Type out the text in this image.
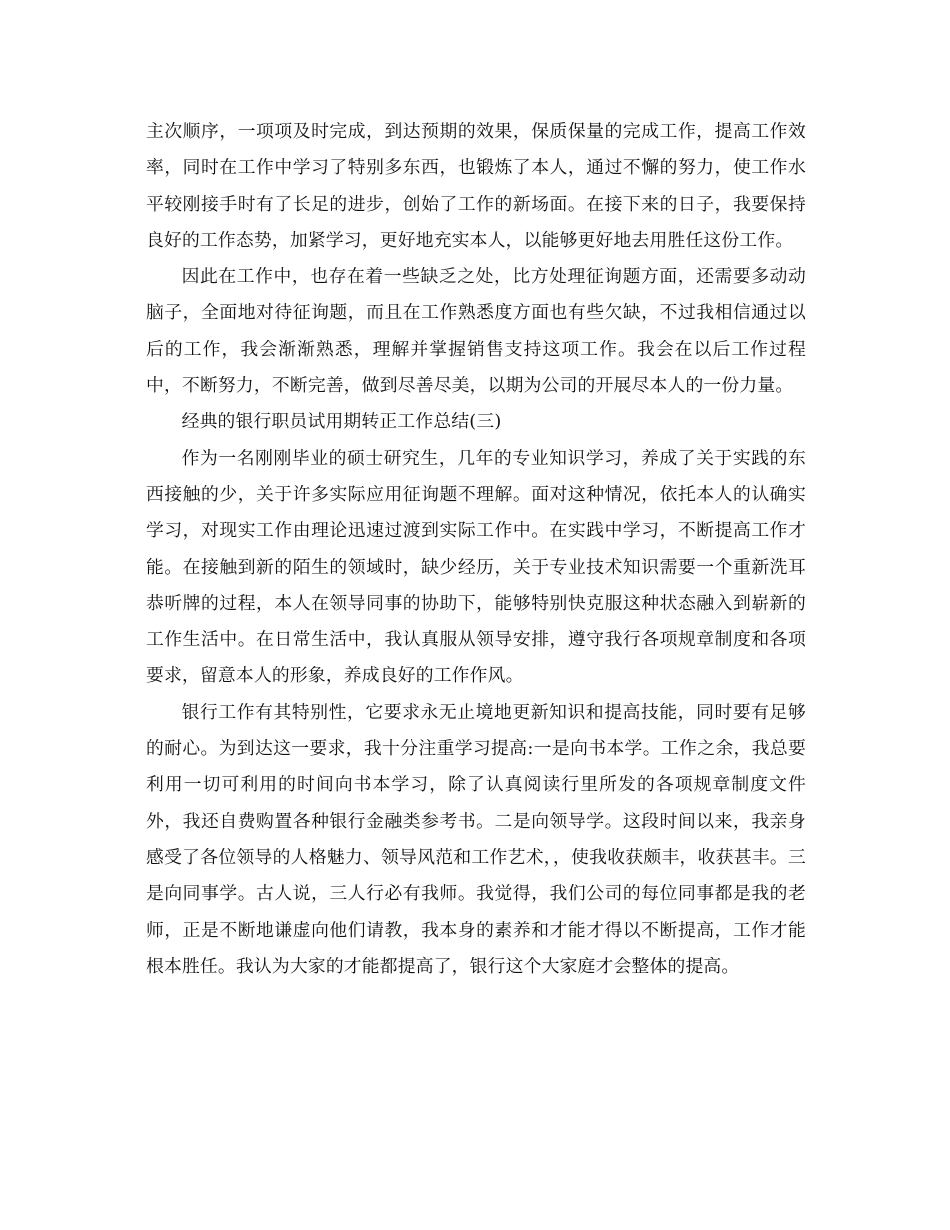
主次顺序，一项项及时完成，到达预期的效果，保质保量的完成工作，提高工作效率，同时在工作中学习了特别多东西，也锻炼了本人，通过不懈的努力，使工作水平较刚接手时有了长足的进步，创始了工作的新场面。在接下来的日子，我要保持良好的工作态势，加紧学习，更好地充实本人，以能够更好地去用胜任这份工作。

因此在工作中，也存在着一些缺乏之处，比方处理征询题方面，还需要多动动脑子，全面地对待征询题，而且在工作熟悉度方面也有些欠缺，不过我相信通过以后的工作，我会渐渐熟悉，理解并掌握销售支持这项工作。我会在以后工作过程中，不断努力，不断完善，做到尽善尽美，以期为公司的开展尽本人的一份力量。

经典的银行职员试用期转正工作总结(三)

作为一名刚刚毕业的硕士研究生，几年的专业知识学习，养成了关于实践的东西接触的少，关于许多实际应用征询题不理解。面对这种情况，依托本人的认确实学习，对现实工作由理论迅速过渡到实际工作中。在实践中学习，不断提高工作才能。在接触到新的陌生的领域时，缺少经历，关于专业技术知识需要一个重新洗耳恭听牌的过程，本人在领导同事的协助下，能够特别快克服这种状态融入到崭新的工作生活中。在日常生活中，我认真服从领导安排，遵守我行各项规章制度和各项要求，留意本人的形象，养成良好的工作作风。

银行工作有其特别性，它要求永无止境地更新知识和提高技能，同时要有足够的耐心。为到达这一要求，我十分注重学习提高:一是向书本学。工作之余，我总要利用一切可利用的时间向书本学习，除了认真阅读行里所发的各项规章制度文件外，我还自费购置各种银行金融类参考书。二是向领导学。这段时间以来，我亲身感受了各位领导的人格魅力、领导风范和工作艺术，，使我收获颇丰，收获甚丰。三是向同事学。古人说，三人行必有我师。我觉得，我们公司的每位同事都是我的老师，正是不断地谦虚向他们请教，我本身的素养和才能才得以不断提高，工作才能根本胜任。我认为大家的才能都提高了，银行这个大家庭才会整体的提高。
